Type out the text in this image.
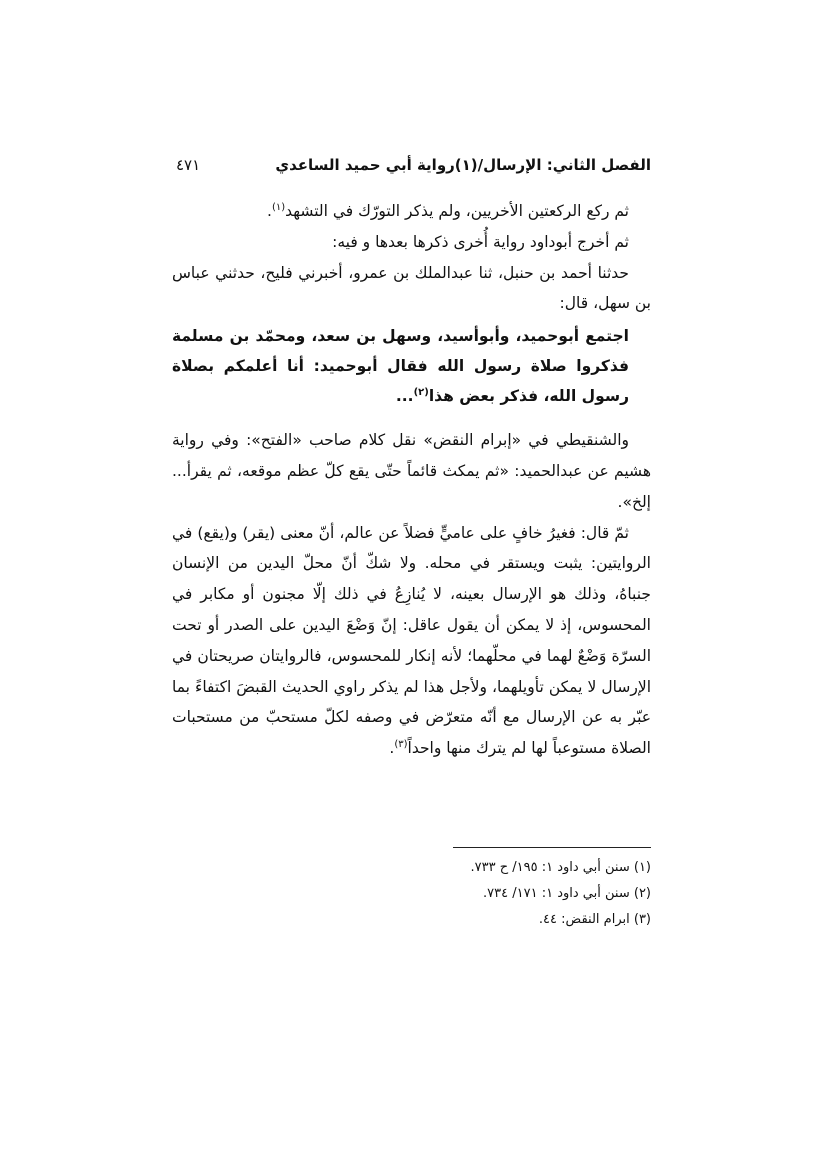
الفصل الثاني: الإرسال/(١)رواية أبي حميد الساعدي
٤٧١

ثم ركع الركعتين الأخريين، ولم يذكر التورّك في التشهد$^{(١)}$.

ثم أخرج أبوداود رواية أُخرى ذكرها بعدها و فيه:

حدثنا أحمد بن حنبل، ثنا عبدالملك بن عمرو، أخبرني فليح، حدثني عباس بن سهل، قال:

اجتمع أبوحميد، وأبوأسيد، وسهل بن سعد، ومحمّد بن مسلمة فذكروا صلاة رسول الله فقال أبوحميد: أنا أعلمكم بصلاة رسول الله، فذكر بعض هذا$^{(٢)}$...

والشنقيطي في «إبرام النقض» نقل كلام صاحب «الفتح»: وفي رواية هشيم عن عبدالحميد: «ثم يمكث قائماً حتّى يقع كلّ عظم موقعه، ثم يقرأ... إلخ».

ثمّ قال: فغيرُ خافٍ على عاميٍّ فضلاً عن عالم، أنّ معنى (يقر) و(يقع) في الروايتين: يثبت ويستقر في محله. ولا شكّ أنّ محلّ اليدين من الإنسان جنباهُ، وذلك هو الإرسال بعينه، لا يُنازِعُ في ذلك إلّا مجنون أو مكابر في المحسوس، إذ لا يمكن أن يقول عاقل: إنّ وَضْعَ اليدين على الصدر أو تحت السرّة وَضْعٌ لهما في محلّهما؛ لأنه إنكار للمحسوس، فالروايتان صريحتان في الإرسال لا يمكن تأويلهما، ولأجل هذا لم يذكر راوي الحديث القبضَ اكتفاءً بما عبّر به عن الإرسال مع أنّه متعرّض في وصفه لكلّ مستحبّ من مستحبات الصلاة مستوعباً لها لم يترك منها واحداً$^{(٣)}$.

(١) سنن أبي داود ١: ١٩٥/ ح ٧٣٣.
(٢) سنن أبي داود ١: ١٧١/ ٧٣٤.
(٣) ابرام النقض: ٤٤.
